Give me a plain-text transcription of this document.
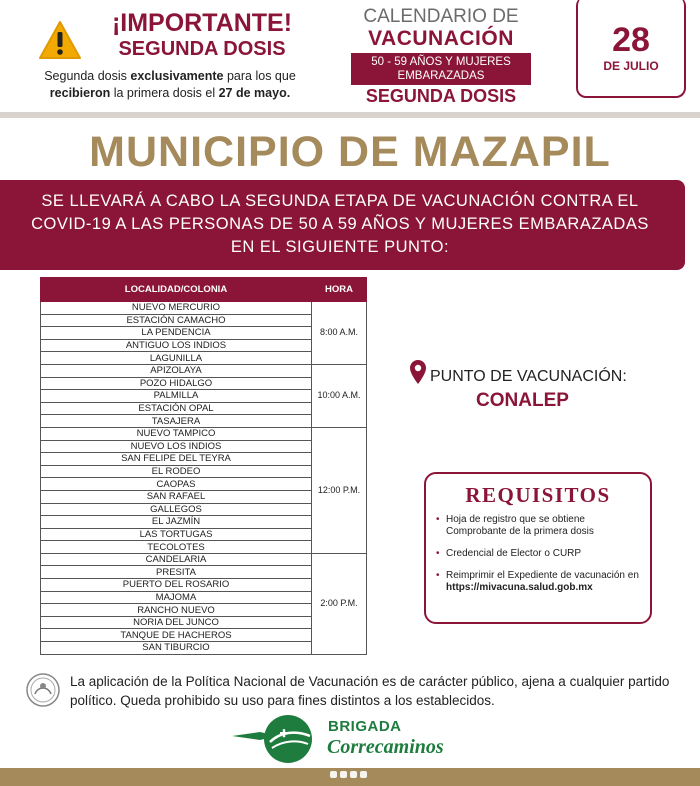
¡IMPORTANTE!
SEGUNDA DOSIS
Segunda dosis exclusivamente para los que
recibieron la primera dosis el 27 de mayo.
CALENDARIO DE
VACUNACIÓN
50 - 59 AÑOS Y MUJERES EMBARAZADAS
SEGUNDA DOSIS
28
DE JULIO
MUNICIPIO DE MAZAPIL
SE LLEVARÁ A CABO LA SEGUNDA ETAPA DE VACUNACIÓN CONTRA EL COVID-19 A LAS PERSONAS DE 50 A 59 AÑOS Y MUJERES EMBARAZADAS EN EL SIGUIENTE PUNTO:
LOCALIDAD/COLONIA	HORA
NUEVO MERCURIO	8:00 A.M.
ESTACIÓN CAMACHO	
LA PENDENCIA	
ANTIGUO LOS INDIOS	
LAGUNILLA	
APIZOLAYA	10:00 A.M.
POZO HIDALGO	
PALMILLA	
ESTACIÓN OPAL	
TASAJERA	
NUEVO TAMPICO	12:00 P.M.
NUEVO LOS INDIOS	
SAN FELIPE DEL TEYRA	
EL RODEO	
CAOPAS	
SAN RAFAEL	
GALLEGOS	
EL JAZMÍN	
LAS TORTUGAS	
TECOLOTES	
CANDELARIA	2:00 P.M.
PRESITA	
PUERTO DEL ROSARIO	
MAJOMA	
RANCHO NUEVO	
NORIA DEL JUNCO	
TANQUE DE HACHEROS	
SAN TIBURCIO	
PUNTO DE VACUNACIÓN:
CONALEP
REQUISITOS
• Hoja de registro que se obtiene Comprobante de la primera dosis
• Credencial de Elector o CURP
• Reimprimir el Expediente de vacunación en
https://mivacuna.salud.gob.mx
La aplicación de la Política Nacional de Vacunación es de carácter público, ajena a cualquier partido político. Queda prohibido su uso para fines distintos a los establecidos.
BRIGADA
Correcaminos
